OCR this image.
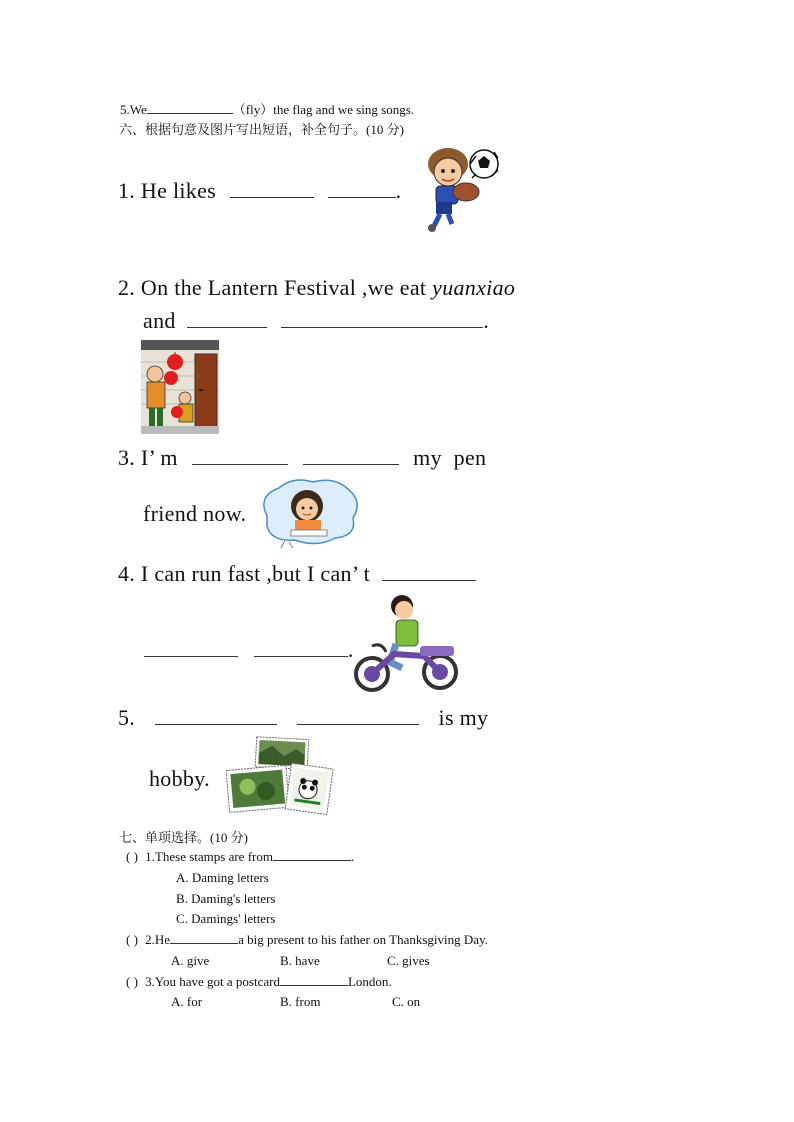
5.We	（fly）the flag and we sing songs.
六、根据句意及图片写出短语，补全句子。(10 分)
1. He likes	.
2. On the Lantern Festival ,we eat yuanxiao
and	.
3. I’ m	my pen
friend now.
4. I can run fast ,but I can’ t
.
5.	is my
hobby.
七、单项选择。(10 分)
( ) 1.These stamps are from	.
A. Daming letters
B. Daming's letters
C. Damings' letters
( ) 2.He	a big present to his father on Thanksgiving Day.
A. give	B. have	C. gives
( ) 3.You have got a postcard	London.
A. for	B. from	C. on
